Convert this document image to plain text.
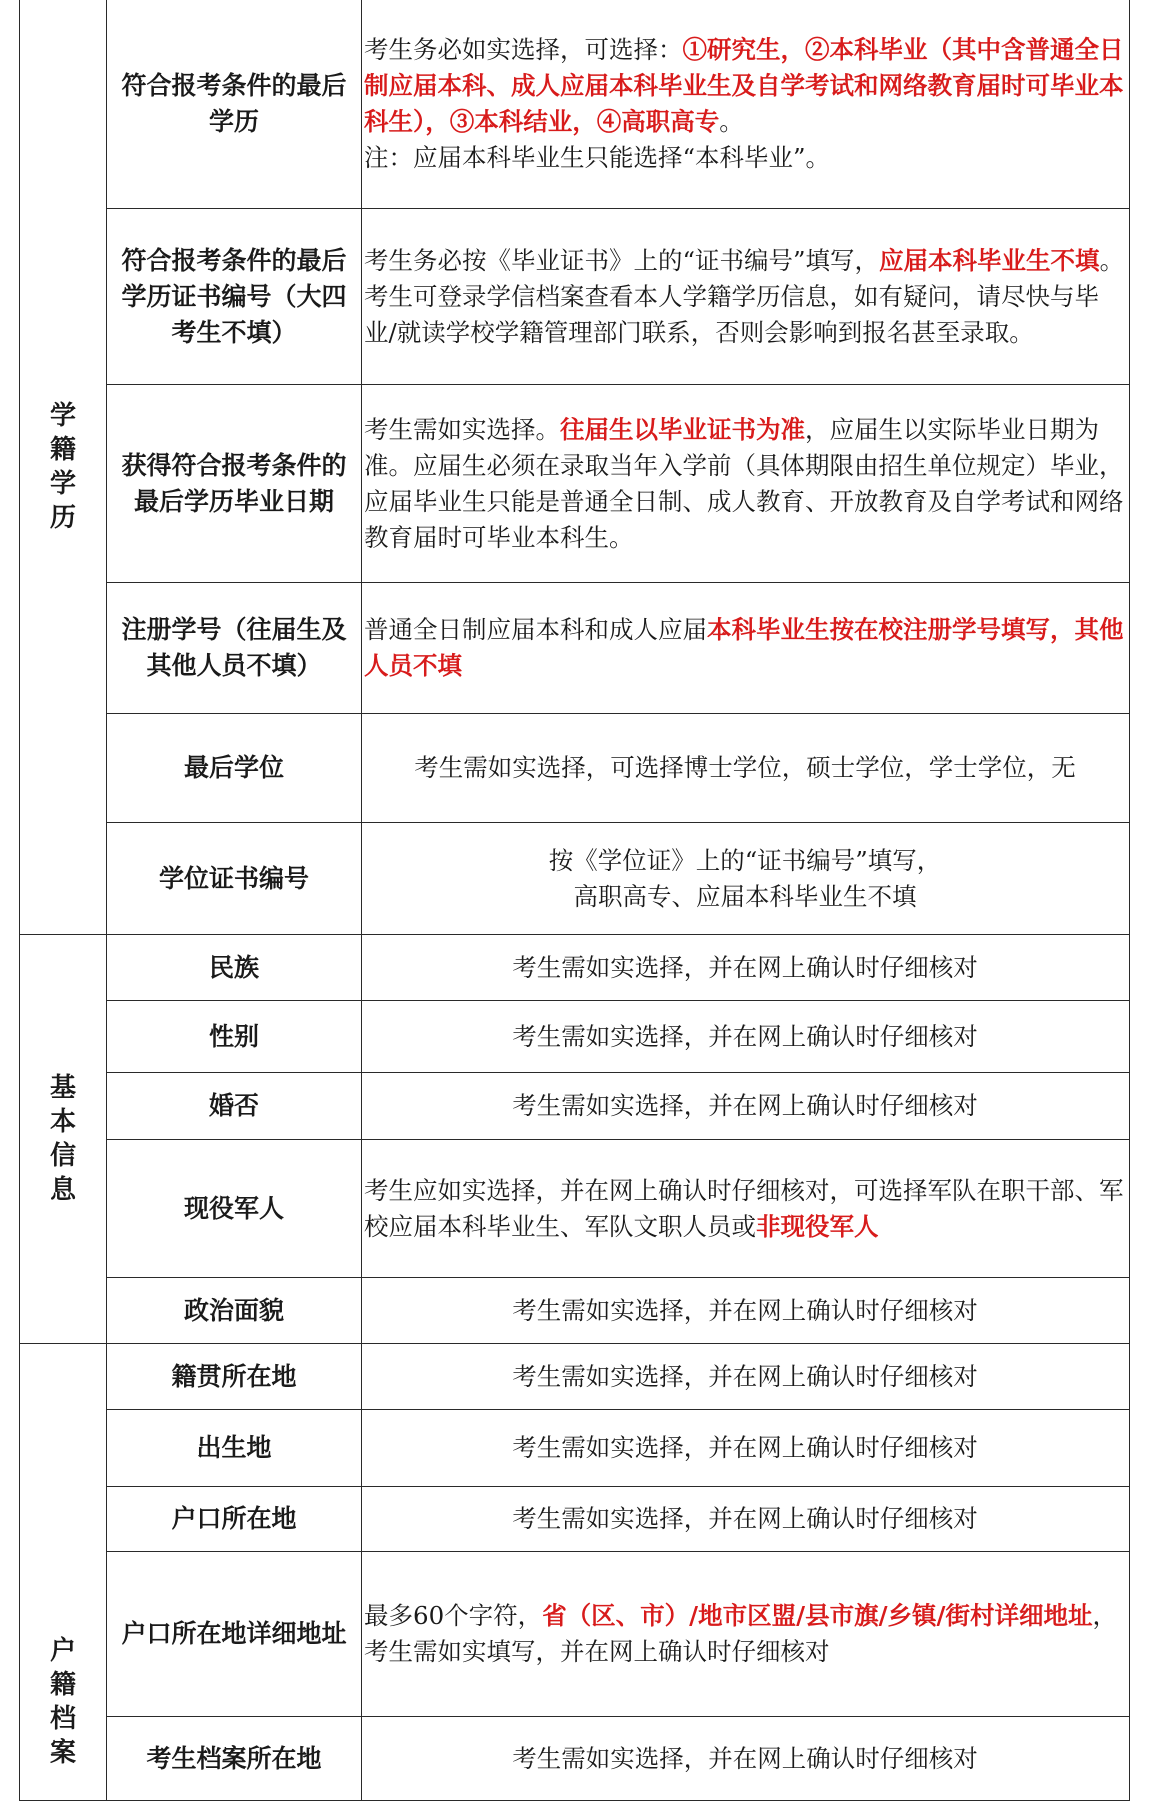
学籍学历	符合报考条件的最后学历	考生务必如实选择，可选择：①研究生，②本科毕业（其中含普通全日制应届本科、成人应届本科毕业生及自学考试和网络教育届时可毕业本科生），③本科结业，④高职高专。
注：应届本科毕业生只能选择“本科毕业”。
	符合报考条件的最后学历证书编号（大四考生不填）	考生务必按《毕业证书》上的“证书编号”填写，应届本科毕业生不填。考生可登录学信档案查看本人学籍学历信息，如有疑问，请尽快与毕业/就读学校学籍管理部门联系，否则会影响到报名甚至录取。
	获得符合报考条件的最后学历毕业日期	考生需如实选择。往届生以毕业证书为准，应届生以实际毕业日期为准。应届生必须在录取当年入学前（具体期限由招生单位规定）毕业，应届毕业生只能是普通全日制、成人教育、开放教育及自学考试和网络教育届时可毕业本科生。
	注册学号（往届生及其他人员不填）	普通全日制应届本科和成人应届本科毕业生按在校注册学号填写，其他人员不填
	最后学位	考生需如实选择，可选择博士学位，硕士学位，学士学位，无
	学位证书编号	按《学位证》上的“证书编号”填写，
高职高专、应届本科毕业生不填
基本信息	民族	考生需如实选择，并在网上确认时仔细核对
	性别	考生需如实选择，并在网上确认时仔细核对
	婚否	考生需如实选择，并在网上确认时仔细核对
	现役军人	考生应如实选择，并在网上确认时仔细核对，可选择军队在职干部、军校应届本科毕业生、军队文职人员或非现役军人
	政治面貌	考生需如实选择，并在网上确认时仔细核对
户籍档案	籍贯所在地	考生需如实选择，并在网上确认时仔细核对
	出生地	考生需如实选择，并在网上确认时仔细核对
	户口所在地	考生需如实选择，并在网上确认时仔细核对
	户口所在地详细地址	最多60个字符，省（区、市）/地市区盟/县市旗/乡镇/街村详细地址，考生需如实填写，并在网上确认时仔细核对
	考生档案所在地	考生需如实选择，并在网上确认时仔细核对
